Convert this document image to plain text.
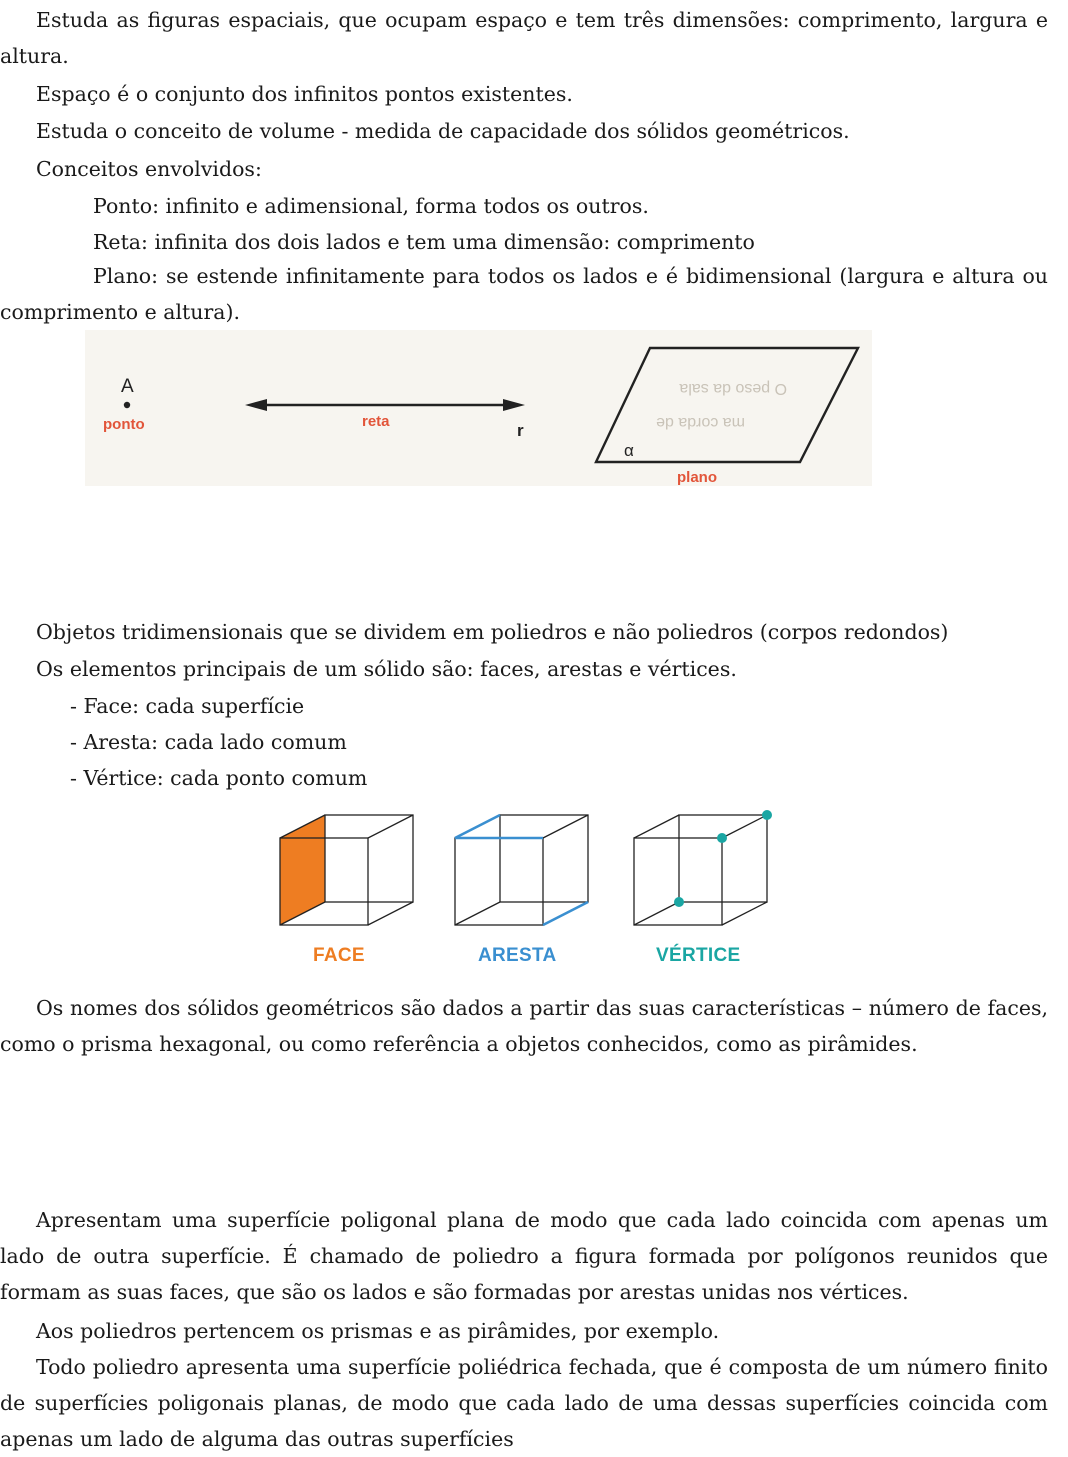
Estuda as figuras espaciais, que ocupam espaço e tem três dimensões: comprimento, largura e altura.

Espaço é o conjunto dos infinitos pontos existentes.

Estuda o conceito de volume - medida de capacidade dos sólidos geométricos.

Conceitos envolvidos:

Ponto: infinito e adimensional, forma todos os outros.

Reta: infinita dos dois lados e tem uma dimensão: comprimento

Plano: se estende infinitamente para todos os lados e é bidimensional (largura e altura ou comprimento e altura).

O peso da sala
ma corda de
A
ponto	reta	r
α
plano

Objetos tridimensionais que se dividem em poliedros e não poliedros (corpos redondos)

Os elementos principais de um sólido são: faces, arestas e vértices.

- Face: cada superfície

- Aresta: cada lado comum

- Vértice: cada ponto comum

FACE	ARESTA	VÉRTICE

Os nomes dos sólidos geométricos são dados a partir das suas características – número de faces, como o prisma hexagonal, ou como referência a objetos conhecidos, como as pirâmides.

Apresentam uma superfície poligonal plana de modo que cada lado coincida com apenas um lado de outra superfície. É chamado de poliedro a figura formada por polígonos reunidos que formam as suas faces, que são os lados e são formadas por arestas unidas nos vértices.

Aos poliedros pertencem os prismas e as pirâmides, por exemplo.

Todo poliedro apresenta uma superfície poliédrica fechada, que é composta de um número finito de superfícies poligonais planas, de modo que cada lado de uma dessas superfícies coincida com apenas um lado de alguma das outras superfícies
